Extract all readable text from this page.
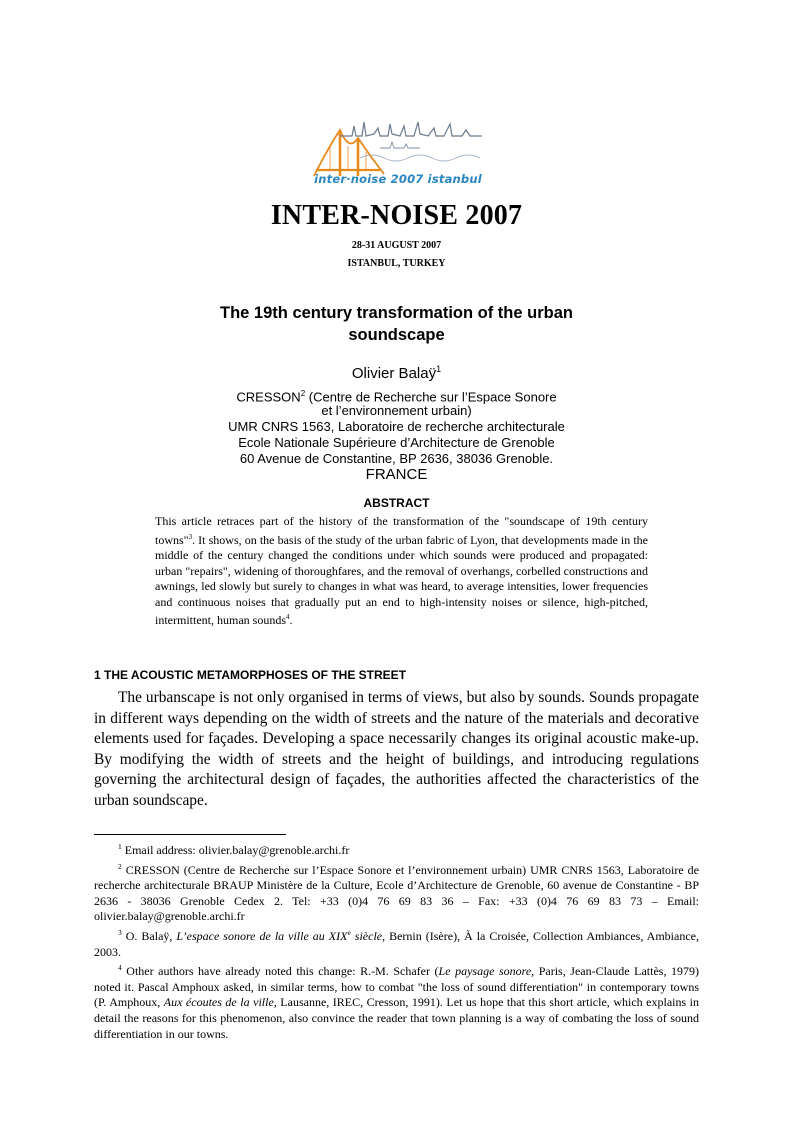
inter·noise 2007 istanbul
INTER-NOISE 2007
28-31 AUGUST 2007
ISTANBUL, TURKEY
The 19th century transformation of the urban
soundscape
Olivier Balaÿ$^1$
CRESSON$^2$ (Centre de Recherche sur l’Espace Sonore
et l’environnement urbain)
UMR CNRS 1563, Laboratoire de recherche architecturale
Ecole Nationale Supérieure d’Architecture de Grenoble
60 Avenue de Constantine, BP 2636, 38036 Grenoble.
FRANCE
ABSTRACT
This article retraces part of the history of the transformation of the "soundscape of 19th century towns"$^3$. It shows, on the basis of the study of the urban fabric of Lyon, that developments made in the middle of the century changed the conditions under which sounds were produced and propagated: urban "repairs", widening of thoroughfares, and the removal of overhangs, corbelled constructions and awnings, led slowly but surely to changes in what was heard, to average intensities, lower frequencies and continuous noises that gradually put an end to high-intensity noises or silence, high-pitched, intermittent, human sounds$^4$.
1 THE ACOUSTIC METAMORPHOSES OF THE STREET
The urbanscape is not only organised in terms of views, but also by sounds. Sounds propagate in different ways depending on the width of streets and the nature of the materials and decorative elements used for façades. Developing a space necessarily changes its original acoustic make-up. By modifying the width of streets and the height of buildings, and introducing regulations governing the architectural design of façades, the authorities affected the characteristics of the urban soundscape.

$^1$ Email address: olivier.balay@grenoble.archi.fr

$^2$ CRESSON (Centre de Recherche sur l’Espace Sonore et l’environnement urbain) UMR CNRS 1563, Laboratoire de recherche architecturale BRAUP Ministère de la Culture, Ecole d’Architecture de Grenoble, 60 avenue de Constantine - BP 2636 - 38036 Grenoble Cedex 2. Tel: +33 (0)4 76 69 83 36 – Fax: +33 (0)4 76 69 83 73 – Email: olivier.balay@grenoble.archi.fr

$^3$ O. Balaÿ, L’espace sonore de la ville au XIXe siècle, Bernin (Isère), À la Croisée, Collection Ambiances, Ambiance, 2003.

$^4$ Other authors have already noted this change: R.-M. Schafer (Le paysage sonore, Paris, Jean-Claude Lattès, 1979) noted it. Pascal Amphoux asked, in similar terms, how to combat "the loss of sound differentiation" in contemporary towns (P. Amphoux, Aux écoutes de la ville, Lausanne, IREC, Cresson, 1991). Let us hope that this short article, which explains in detail the reasons for this phenomenon, also convince the reader that town planning is a way of combating the loss of sound differentiation in our towns.
